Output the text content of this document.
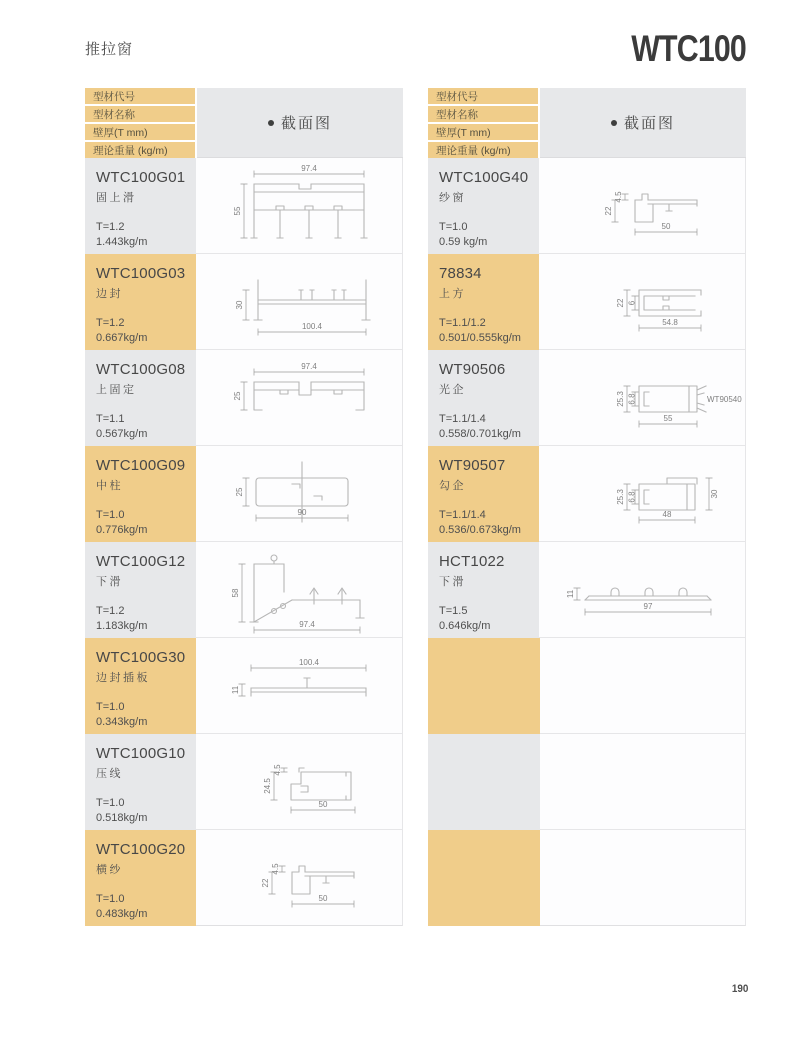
推拉窗	WTC100
型材代号
型材名称
壁厚(T mm)
理论重量 (kg/m)
截面图
WTC100G01
固上滑
T=1.2
1.443kg/m
97.4
55
WTC100G03
边封
T=1.2
0.667kg/m
30
100.4
WTC100G08
上固定
T=1.1
0.567kg/m
97.4
25
WTC100G09
中柱
T=1.0
0.776kg/m
25
90
WTC100G12
下滑
T=1.2
1.183kg/m
58
97.4
WTC100G30
边封插板
T=1.0
0.343kg/m
100.4
11
WTC100G10
压线
T=1.0
0.518kg/m
4.5
24.5
50
WTC100G20
横纱
T=1.0
0.483kg/m
4.5
22
50
型材代号
型材名称
壁厚(T mm)
理论重量 (kg/m)
截面图
WTC100G40
纱窗
T=1.0
0.59 kg/m
4.5
22
50
78834
上方
T=1.1/1.2
0.501/0.555kg/m
22 6
54.8
WT90506
光企
T=1.1/1.4
0.558/0.701kg/m
25.3 6.8
55
WT90540
WT90507
勾企
T=1.1/1.4
0.536/0.673kg/m
25.3 6.8	30
48
HCT1022
下滑
T=1.5
0.646kg/m
11
97
190
